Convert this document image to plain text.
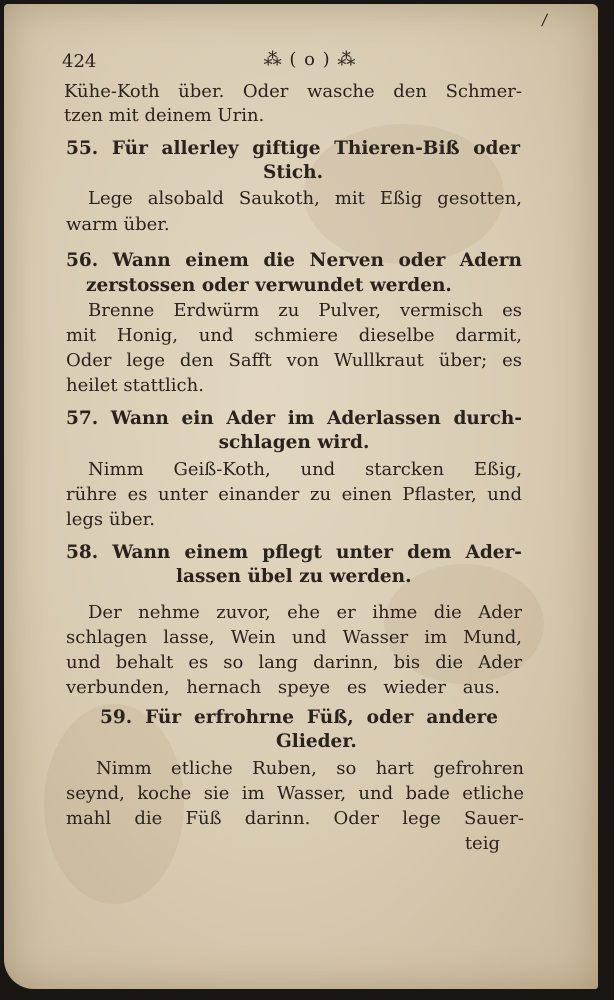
/
424	⁂ ( o ) ⁂
Kühe-Koth über. Oder wasche den Schmer-
tzen mit deinem Urin.
55. Für allerley giftige Thieren-Biß oder
Stich.
Lege alsobald Saukoth, mit Eßig gesotten,
warm über.
56. Wann einem die Nerven oder Adern
zerstossen oder verwundet werden.
Brenne Erdwürm zu Pulver, vermisch es
mit Honig, und schmiere dieselbe darmit,
Oder lege den Safft von Wullkraut über; es
heilet stattlich.
57. Wann ein Ader im Aderlassen durch-
schlagen wird.
Nimm Geiß-Koth, und starcken Eßig,
rühre es unter einander zu einen Pflaster, und
legs über.
58. Wann einem pflegt unter dem Ader-
lassen übel zu werden.
Der nehme zuvor, ehe er ihme die Ader
schlagen lasse, Wein und Wasser im Mund,
und behalt es so lang darinn, bis die Ader
verbunden, hernach speye es wieder aus.
59. Für erfrohrne Füß, oder andere
Glieder.
Nimm etliche Ruben, so hart gefrohren
seynd, koche sie im Wasser, und bade etliche
mahl die Füß darinn. Oder lege Sauer-
teig
